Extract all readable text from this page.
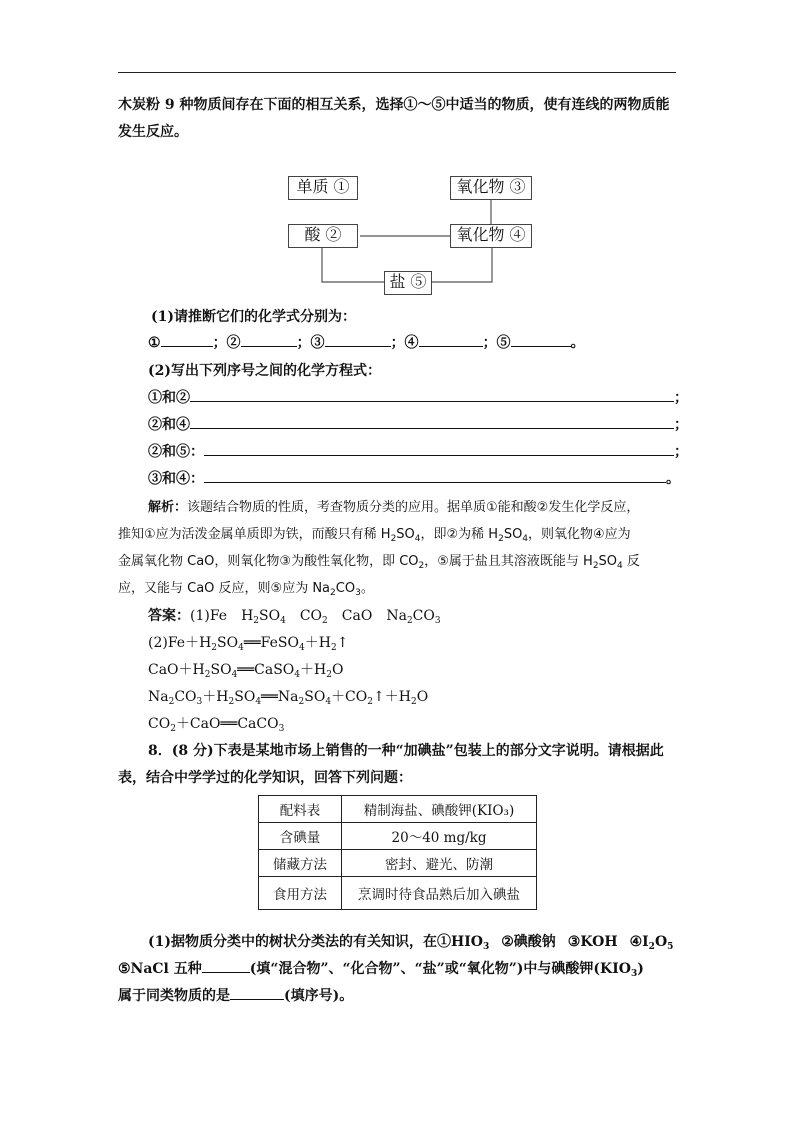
木炭粉 9 种物质间存在下面的相互关系，选择①～⑤中适当的物质，使有连线的两物质能
发生反应。
单质 ①
酸 ②
氧化物 ③
氧化物 ④
盐 ⑤
(1)请推断它们的化学式分别为：
①	；②	；③	；④	；⑤	。
(2)写出下列序号之间的化学方程式：
①和②	；
②和④	；
②和⑤：	；
③和④：	。
解析：该题结合物质的性质，考查物质分类的应用。据单质①能和酸②发生化学反应，
推知①应为活泼金属单质即为铁，而酸只有稀 $H_2SO_4$，即②为稀 $H_2SO_4$，则氧化物④应为
金属氧化物 CaO，则氧化物③为酸性氧化物，即 $CO_2$，⑤属于盐且其溶液既能与 $H_2SO_4$ 反
应，又能与 CaO 反应，则⑤应为 $Na_2CO_3$。
答案：(1)Fe $H_2SO_4$ $CO_2$ CaO $Na_2CO_3$
$(2)Fe+H_2SO_4══FeSO_4+H_2↑$
$CaO+H_2SO_4══CaSO_4+H_2O$
$Na_2CO_3+H_2SO_4══Na_2SO_4+CO_2↑+H_2O$
$CO_2+CaO══CaCO_3$
8．(8 分)下表是某地市场上销售的一种“加碘盐”包装上的部分文字说明。请根据此
表，结合中学学过的化学知识，回答下列问题：
配料表	精制海盐、碘酸钾(KIO₃)
含碘量	20～40 mg/kg
储藏方法	密封、避光、防潮
食用方法	烹调时待食品熟后加入碘盐
(1)据物质分类中的树状分类法的有关知识，在$①HIO_3$ ②碘酸钠 ③KOH $④I_2O_5$
⑤NaCl 五种	(填“混合物”、“化合物”、“盐”或“氧化物”)中与碘酸钾$(KIO_3)$
属于同类物质的是	(填序号)。
